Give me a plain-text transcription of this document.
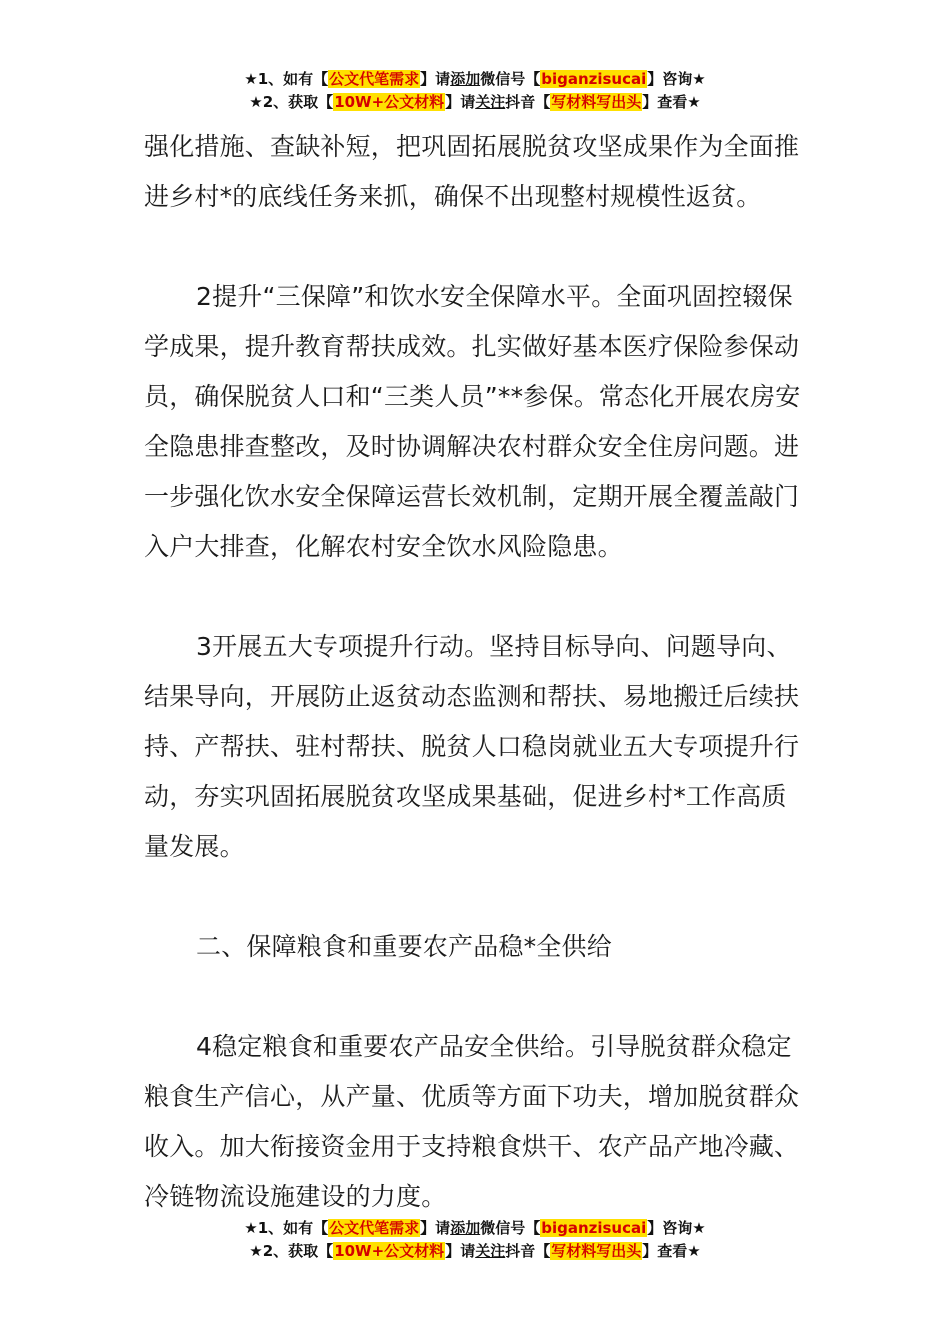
★1、如有【公文代笔需求】请添加微信号【biganzisucai】咨询★
★2、获取【10W+公文材料】请关注抖音【写材料写出头】查看★

强化措施、查缺补短，把巩固拓展脱贫攻坚成果作为全面推进乡村*的底线任务来抓，确保不出现整村规模性返贫。

2提升“三保障”和饮水安全保障水平。全面巩固控辍保学成果，提升教育帮扶成效。扎实做好基本医疗保险参保动员，确保脱贫人口和“三类人员”**参保。常态化开展农房安全隐患排查整改，及时协调解决农村群众安全住房问题。进一步强化饮水安全保障运营长效机制，定期开展全覆盖敲门入户大排查，化解农村安全饮水风险隐患。

3开展五大专项提升行动。坚持目标导向、问题导向、结果导向，开展防止返贫动态监测和帮扶、易地搬迁后续扶持、产帮扶、驻村帮扶、脱贫人口稳岗就业五大专项提升行动，夯实巩固拓展脱贫攻坚成果基础，促进乡村*工作高质量发展。

二、保障粮食和重要农产品稳*全供给

4稳定粮食和重要农产品安全供给。引导脱贫群众稳定粮食生产信心，从产量、优质等方面下功夫，增加脱贫群众收入。加大衔接资金用于支持粮食烘干、农产品产地冷藏、冷链物流设施建设的力度。

★1、如有【公文代笔需求】请添加微信号【biganzisucai】咨询★
★2、获取【10W+公文材料】请关注抖音【写材料写出头】查看★
